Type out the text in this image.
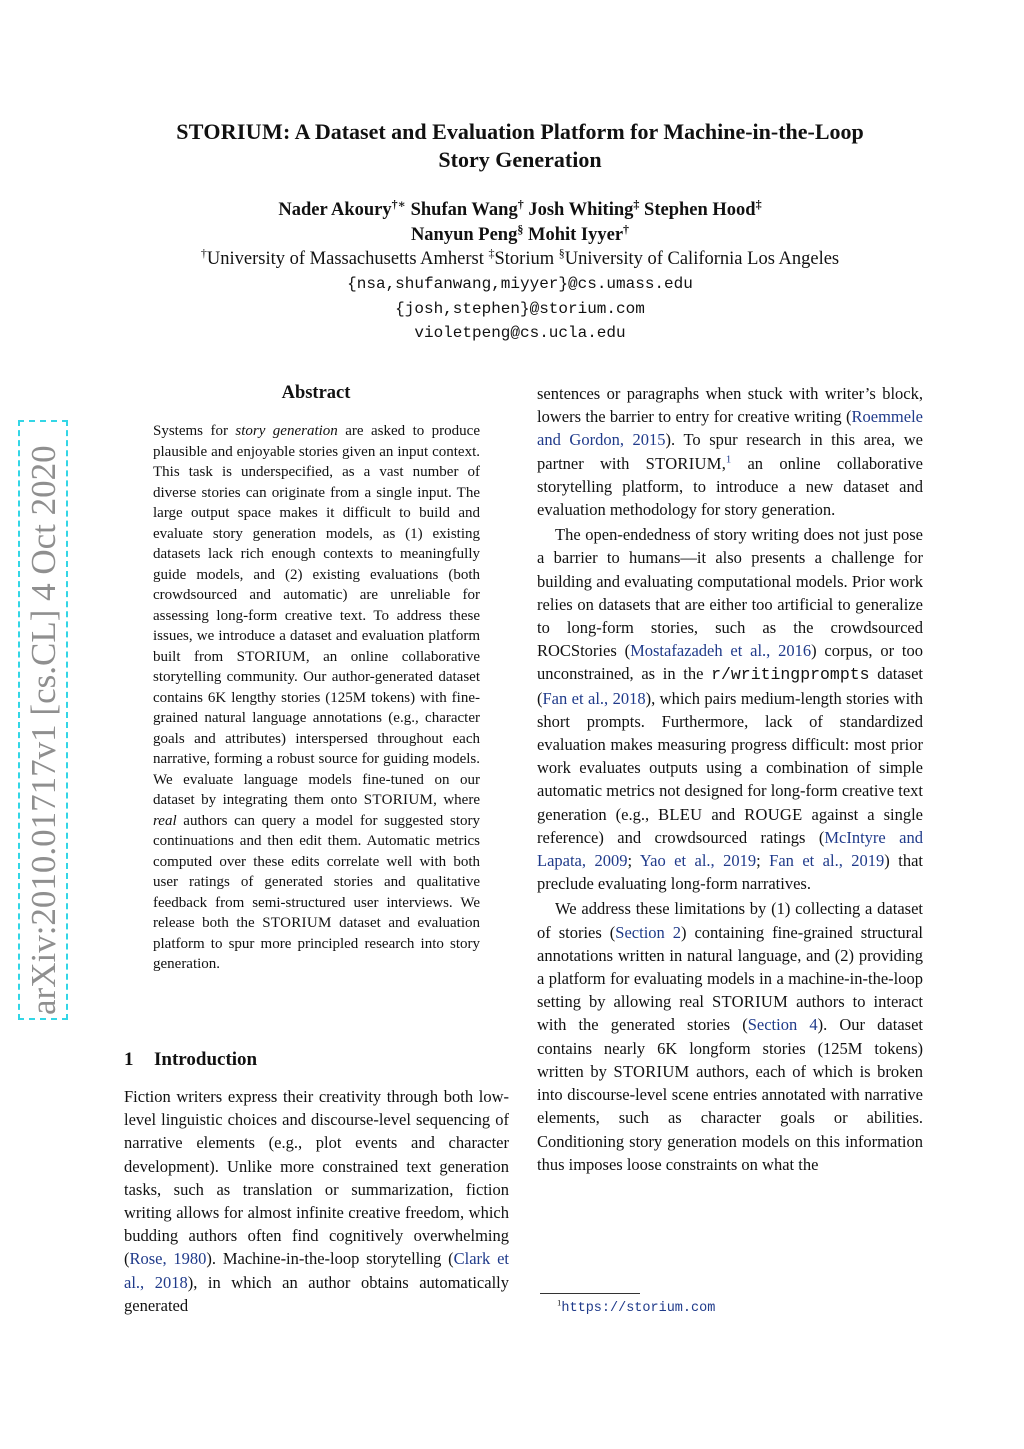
arXiv:2010.01717v1 [cs.CL] 4 Oct 2020
STORIUM: A Dataset and Evaluation Platform for Machine-in-the-Loop
Story Generation
Nader Akoury†∗ Shufan Wang† Josh Whiting‡ Stephen Hood‡
Nanyun Peng§ Mohit Iyyer†
†University of Massachusetts Amherst ‡Storium §University of California Los Angeles
{nsa,shufanwang,miyyer}@cs.umass.edu
{josh,stephen}@storium.com
violetpeng@cs.ucla.edu
Abstract
Systems for story generation are asked to produce plausible and enjoyable stories given an input context. This task is underspecified, as a vast number of diverse stories can originate from a single input. The large output space makes it difficult to build and evaluate story generation models, as (1) existing datasets lack rich enough contexts to meaningfully guide models, and (2) existing evaluations (both crowdsourced and automatic) are unreliable for assessing long-form creative text. To address these issues, we introduce a dataset and evaluation platform built from STORIUM, an online collaborative storytelling community. Our author-generated dataset contains 6K lengthy stories (125M tokens) with fine-grained natural language annotations (e.g., character goals and attributes) interspersed throughout each narrative, forming a robust source for guiding models. We evaluate language models fine-tuned on our dataset by integrating them onto STORIUM, where real authors can query a model for suggested story continuations and then edit them. Automatic metrics computed over these edits correlate well with both user ratings of generated stories and qualitative feedback from semi-structured user interviews. We release both the STORIUM dataset and evaluation platform to spur more principled research into story generation.
1 Introduction
Fiction writers express their creativity through both low-level linguistic choices and discourse-level sequencing of narrative elements (e.g., plot events and character development). Unlike more constrained text generation tasks, such as translation or summarization, fiction writing allows for almost infinite creative freedom, which budding authors often find cognitively overwhelming (Rose, 1980). Machine-in-the-loop storytelling (Clark et al., 2018), in which an author obtains automatically generated

sentences or paragraphs when stuck with writer’s block, lowers the barrier to entry for creative writing (Roemmele and Gordon, 2015). To spur research in this area, we partner with STORIUM,$^1$ an online collaborative storytelling platform, to introduce a new dataset and evaluation methodology for story generation.

The open-endedness of story writing does not just pose a barrier to humans—it also presents a challenge for building and evaluating computational models. Prior work relies on datasets that are either too artificial to generalize to long-form stories, such as the crowdsourced ROCStories (Mostafazadeh et al., 2016) corpus, or too unconstrained, as in the r/writingprompts dataset (Fan et al., 2018), which pairs medium-length stories with short prompts. Furthermore, lack of standardized evaluation makes measuring progress difficult: most prior work evaluates outputs using a combination of simple automatic metrics not designed for long-form creative text generation (e.g., BLEU and ROUGE against a single reference) and crowdsourced ratings (McIntyre and Lapata, 2009; Yao et al., 2019; Fan et al., 2019) that preclude evaluating long-form narratives.

We address these limitations by (1) collecting a dataset of stories (Section 2) containing fine-grained structural annotations written in natural language, and (2) providing a platform for evaluating models in a machine-in-the-loop setting by allowing real STORIUM authors to interact with the generated stories (Section 4). Our dataset contains nearly 6K longform stories (125M tokens) written by STORIUM authors, each of which is broken into discourse-level scene entries annotated with narrative elements, such as character goals or abilities. Conditioning story generation models on this information thus imposes loose constraints on what the

$^1$https://storium.com
